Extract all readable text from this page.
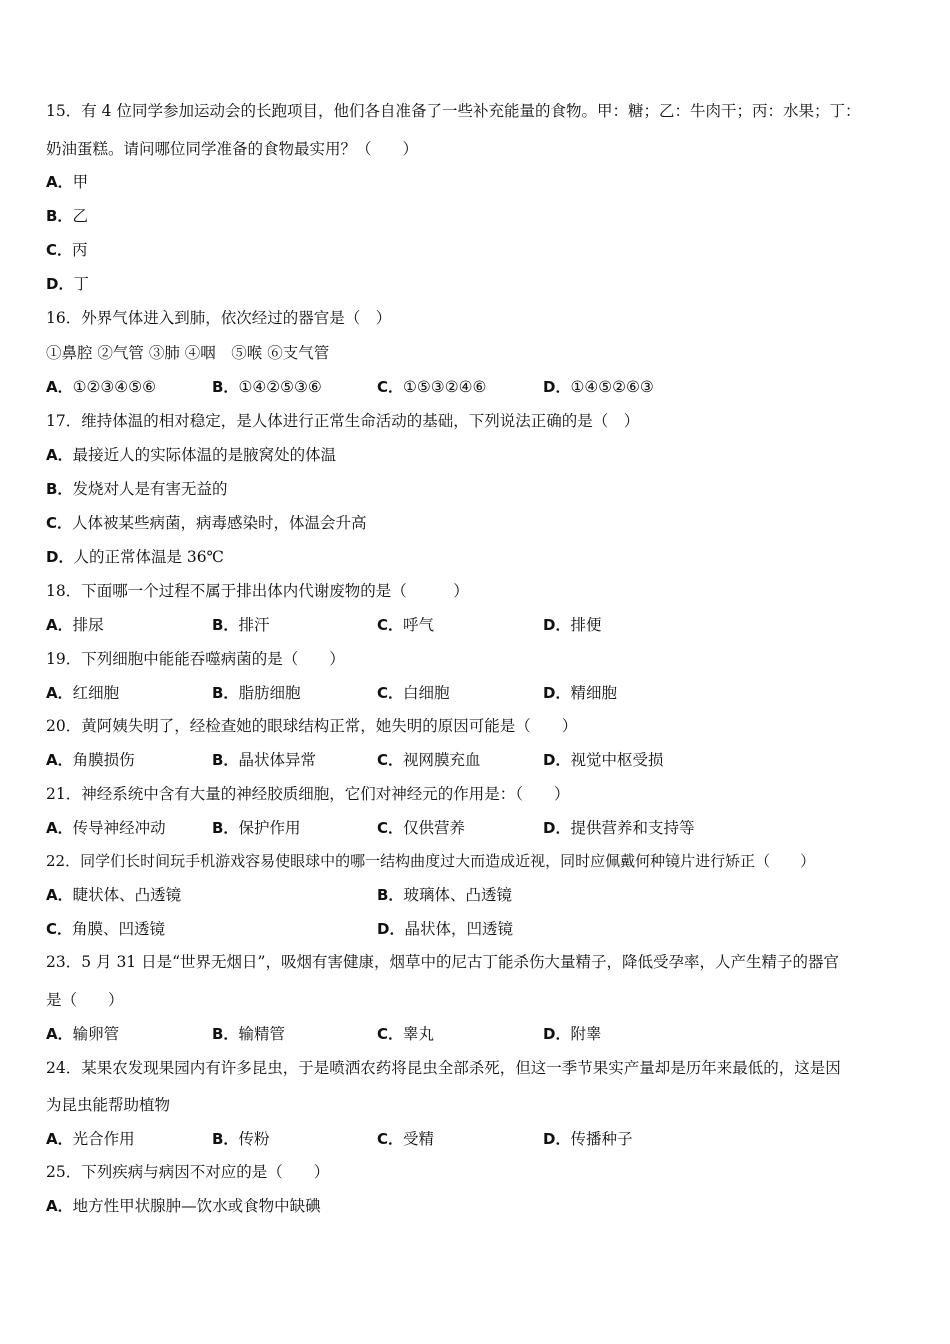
15．有 4 位同学参加运动会的长跑项目，他们各自准备了一些补充能量的食物。甲：糖；乙：牛肉干；丙：水果；丁：
奶油蛋糕。请问哪位同学准备的食物最实用？（　　）
A．甲
B．乙
C．丙
D．丁
16．外界气体进入到肺，依次经过的器官是（　）
①鼻腔 ②气管 ③肺 ④咽　⑤喉 ⑥支气管
A．①②③④⑤⑥	B．①④②⑤③⑥	C．①⑤③②④⑥	D．①④⑤②⑥③
17．维持体温的相对稳定，是人体进行正常生命活动的基础，下列说法正确的是（　）
A．最接近人的实际体温的是腋窝处的体温
B．发烧对人是有害无益的
C．人体被某些病菌，病毒感染时，体温会升高
D．人的正常体温是 36℃
18．下面哪一个过程不属于排出体内代谢废物的是（　　　）
A．排尿	B．排汗	C．呼气	D．排便
19．下列细胞中能能吞噬病菌的是（　　）
A．红细胞	B．脂肪细胞	C．白细胞	D．精细胞
20．黄阿姨失明了，经检查她的眼球结构正常，她失明的原因可能是（　　）
A．角膜损伤	B．晶状体异常	C．视网膜充血	D．视觉中枢受损
21．神经系统中含有大量的神经胶质细胞，它们对神经元的作用是：（　　）
A．传导神经冲动	B．保护作用	C．仅供营养	D．提供营养和支持等
22．同学们长时间玩手机游戏容易使眼球中的哪一结构曲度过大而造成近视，同时应佩戴何种镜片进行矫正（　　）
A．睫状体、凸透镜	B．玻璃体、凸透镜
C．角膜、凹透镜	D．晶状体，凹透镜
23．5 月 31 日是“世界无烟日”，吸烟有害健康，烟草中的尼古丁能杀伤大量精子，降低受孕率，人产生精子的器官
是（　　）
A．输卵管	B．输精管	C．睾丸	D．附睾
24．某果农发现果园内有许多昆虫，于是喷洒农药将昆虫全部杀死，但这一季节果实产量却是历年来最低的，这是因
为昆虫能帮助植物
A．光合作用	B．传粉	C．受精	D．传播种子
25．下列疾病与病因不对应的是（　　）
A．地方性甲状腺肿—饮水或食物中缺碘
